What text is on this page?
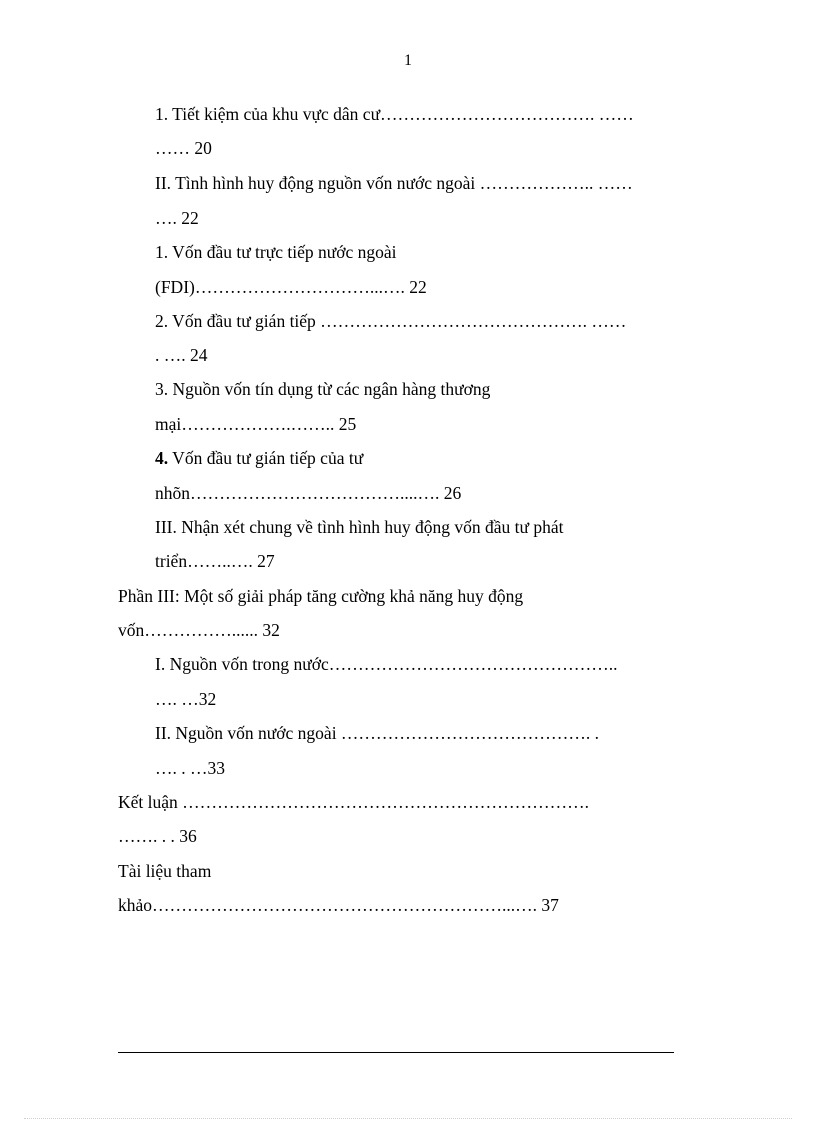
1
1. Tiết kiệm của khu vực dân cư………………………………. ……
…… 20
II. Tình hình huy động nguồn vốn nước ngoài ……………….. ……
…. 22
1. Vốn đầu tư trực tiếp nước ngoài
(FDI)…………………………...…. 22
2. Vốn đầu tư gián tiếp ………………………………………. ……
. …. 24
3. Nguồn vốn tín dụng từ các ngân hàng thương
mại……………….…….. 25
4. Vốn đầu tư gián tiếp của tư
nhõn………………………………....…. 26
III. Nhận xét chung về tình hình huy động vốn đầu tư phát
triển……..…. 27
Phần III: Một số giải pháp tăng cường khả năng huy động
vốn……………...... 32
I. Nguồn vốn trong nước…………………………………………..
…. …32
II. Nguồn vốn nước ngoài ……………………………………. .
…. . …33
Kết luận …………………………………………………………….
……. . . 36
Tài liệu tham
khảo……………………………………………………...…. 37
